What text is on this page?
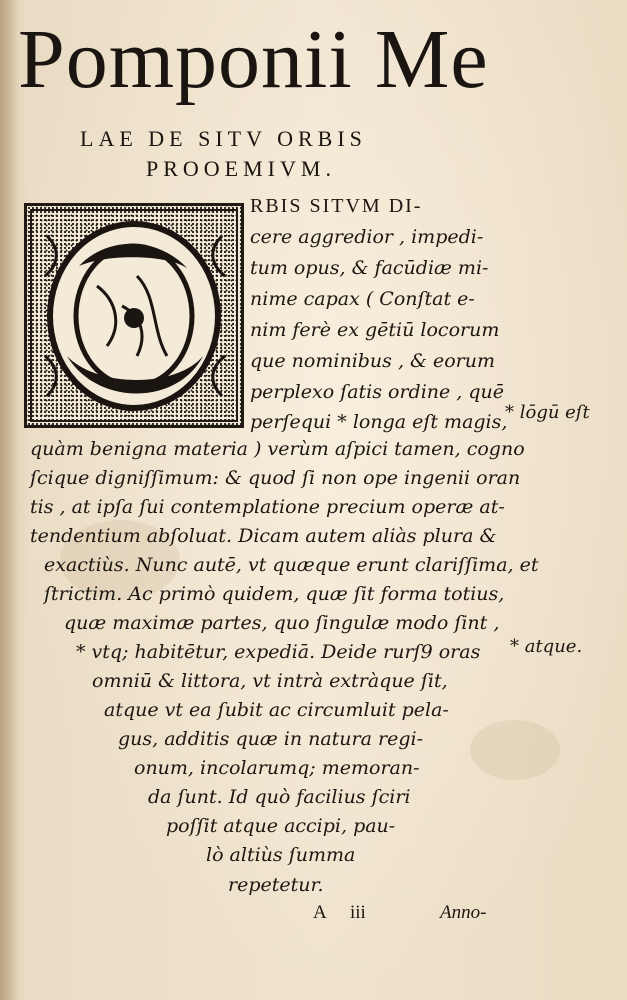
Pomponii Me
LAE DE SITV ORBIS
PROOEMIVM.
RBIS SITVM DI-
cere aggredior , impedi-
tum opus, & facūdiæ mi-
nime capax ( Conſtat e-
nim ferè ex gētiū locorum
que nominibus , & eorum
perplexo ſatis ordine , quē
perſequi * longa eſt magis,
* lōgū eſt
quàm benigna materia ) verùm aſpici tamen, cogno
ſcique digniſſimum: & quod ſi non ope ingenii oran
tis , at ipſa ſui contemplatione precium operæ at-
tendentium abſoluat. Dicam autem aliàs plura &
exactiùs. Nunc autē, vt quæque erunt clariſſima, et
ſtrictim. Ac primò quidem, quæ ſit forma totius,
quæ maximæ partes, quo ſingulæ modo ſint ,
* vtq; habitētur, expediā. Deide rurſ9 oras * atque.
omniū & littora, vt intrà extràque ſit,
atque vt ea ſubit ac circumluit pela-
gus, additis quæ in natura regi-
onum, incolarumq; memoran-
da ſunt. Id quò facilius ſciri
poſſit atque accipi, pau-
lò altiùs ſumma
repetetur.
A iii	Anno-
